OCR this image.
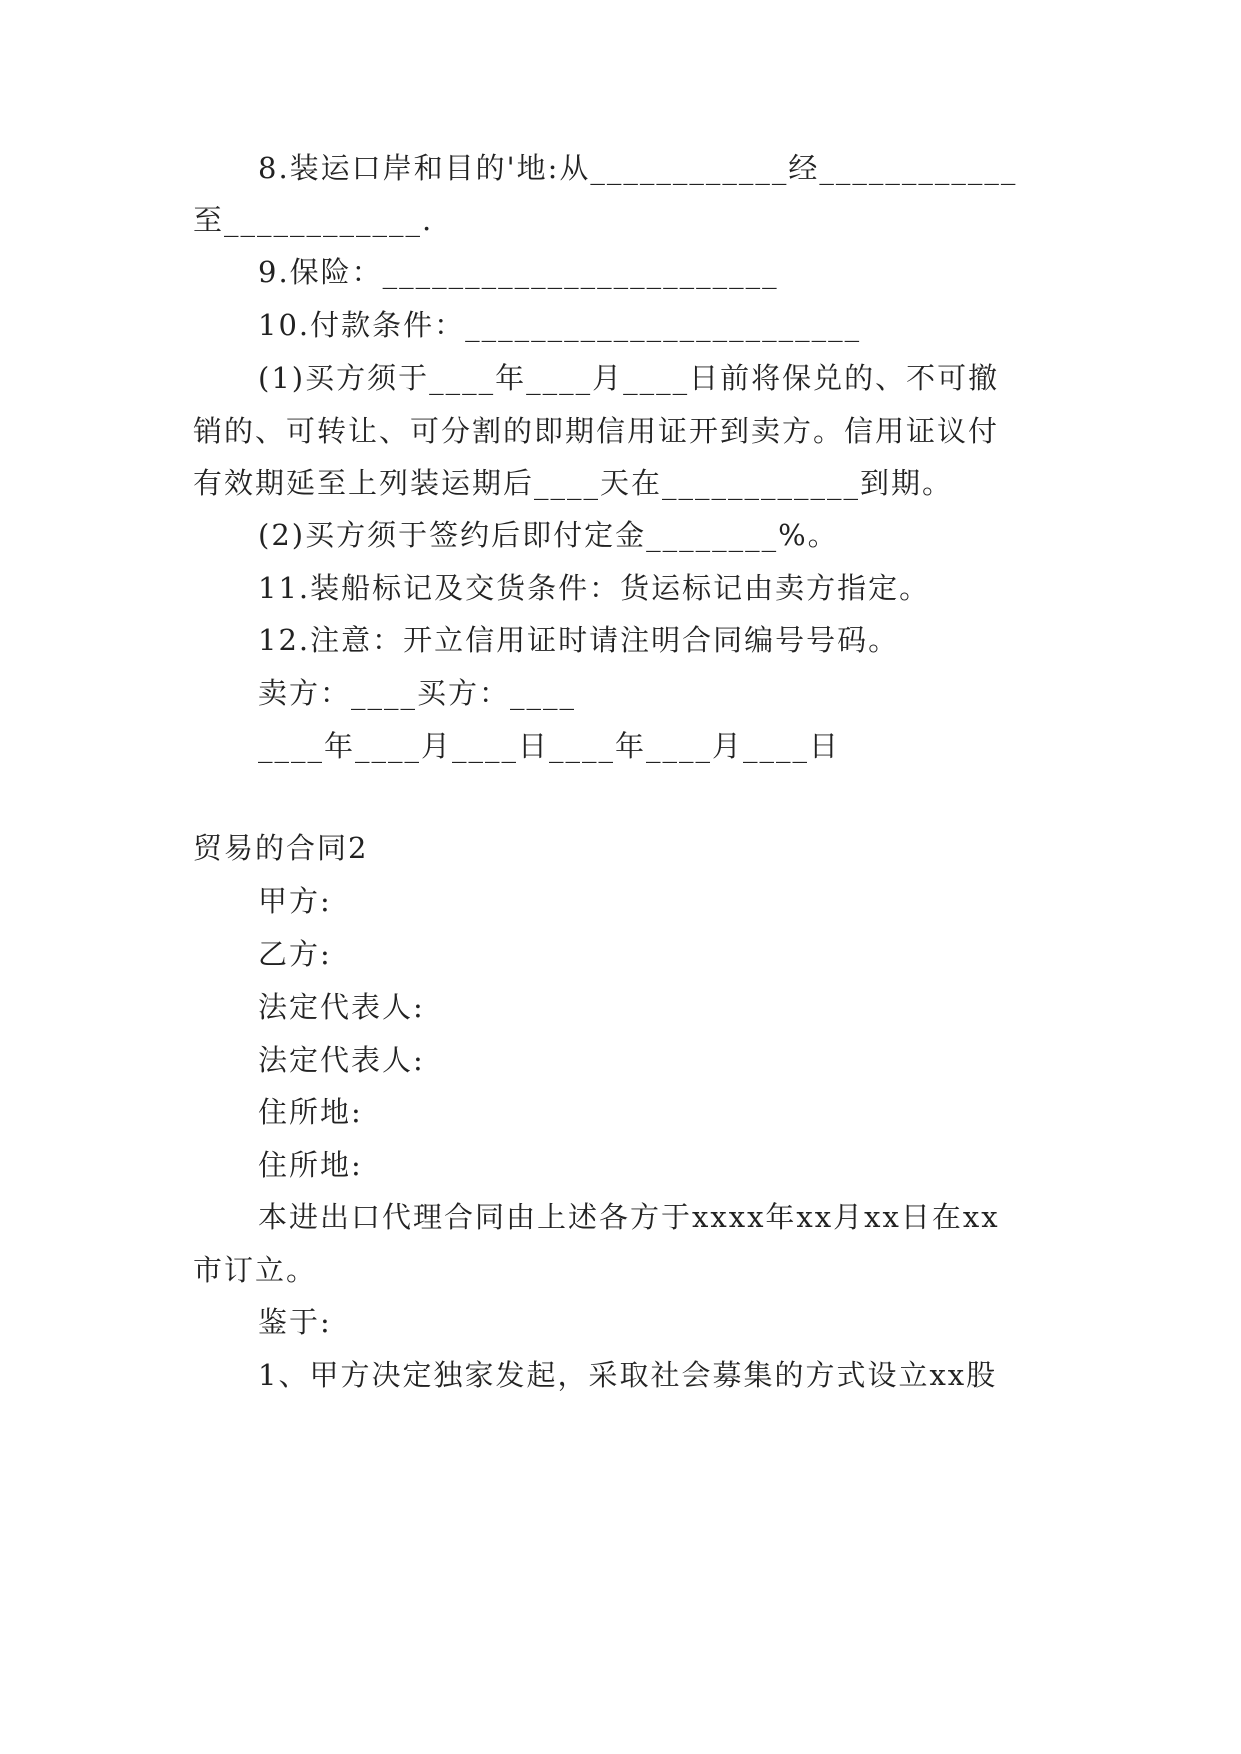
8.装运口岸和目的'地:从____________经____________
至____________.
9.保险：________________________
10.付款条件：________________________
(1)买方须于____年____月____日前将保兑的、不可撤
销的、可转让、可分割的即期信用证开到卖方。信用证议付
有效期延至上列装运期后____天在____________到期。
(2)买方须于签约后即付定金________%。
11.装船标记及交货条件：货运标记由卖方指定。
12.注意：开立信用证时请注明合同编号号码。
卖方：____买方：____
____年____月____日____年____月____日
贸易的合同2
甲方:
乙方:
法定代表人:
法定代表人:
住所地:
住所地:
本进出口代理合同由上述各方于xxxx年xx月xx日在xx
市订立。
鉴于:
1、甲方决定独家发起，采取社会募集的方式设立xx股
